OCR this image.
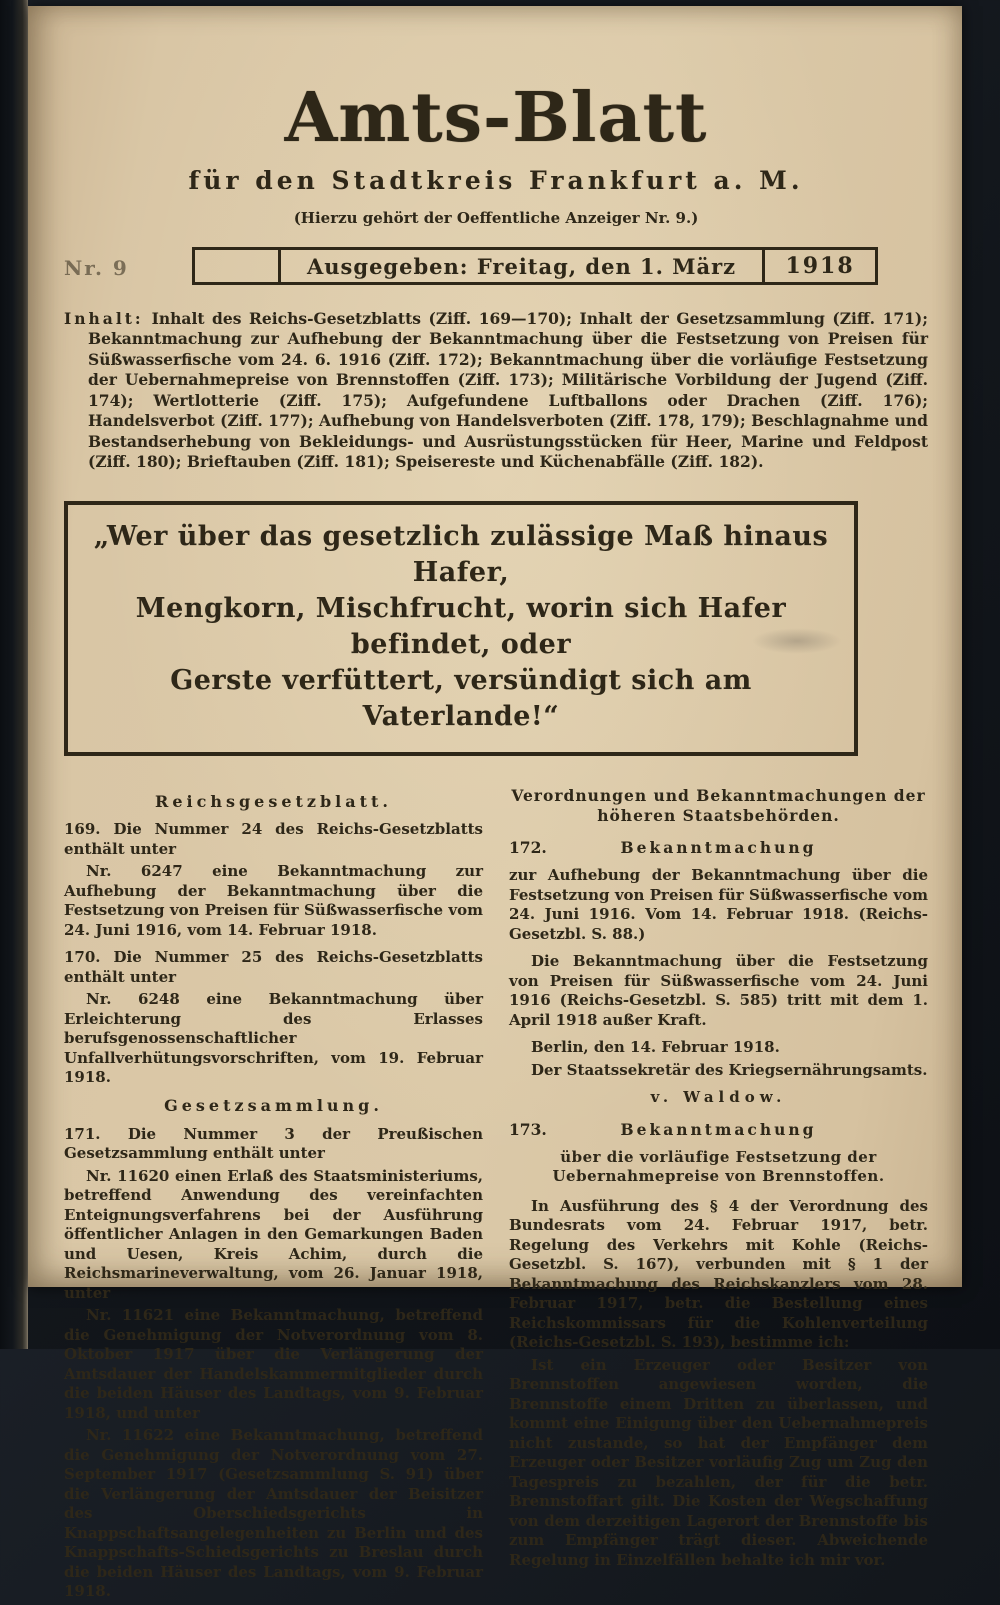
Amts-Blatt
für den Stadtkreis Frankfurt a. M.
(Hierzu gehört der Oeffentliche Anzeiger Nr. 9.)
Nr. 9	Ausgegeben: Freitag, den 1. März	1918

Inhalt: Inhalt des Reichs-Gesetzblatts (Ziff. 169—170); Inhalt der Gesetzsammlung (Ziff. 171); Bekanntmachung zur Aufhebung der Bekanntmachung über die Festsetzung von Preisen für Süßwasserfische vom 24. 6. 1916 (Ziff. 172); Bekanntmachung über die vorläufige Festsetzung der Uebernahmepreise von Brennstoffen (Ziff. 173); Militärische Vorbildung der Jugend (Ziff. 174); Wertlotterie (Ziff. 175); Aufgefundene Luftballons oder Drachen (Ziff. 176); Handelsverbot (Ziff. 177); Aufhebung von Handelsverboten (Ziff. 178, 179); Beschlagnahme und Bestandserhebung von Bekleidungs- und Ausrüstungsstücken für Heer, Marine und Feldpost (Ziff. 180); Brieftauben (Ziff. 181); Speisereste und Küchenabfälle (Ziff. 182).

„Wer über das gesetzlich zulässige Maß hinaus Hafer,
Mengkorn, Mischfrucht, worin sich Hafer befindet, oder
Gerste verfüttert, versündigt sich am Vaterlande!“
Reichsgesetzblatt.

169. Die Nummer 24 des Reichs-Gesetzblatts enthält unter

Nr. 6247 eine Bekanntmachung zur Aufhebung der Bekanntmachung über die Festsetzung von Preisen für Süßwasserfische vom 24. Juni 1916, vom 14. Februar 1918.

170. Die Nummer 25 des Reichs-Gesetzblatts enthält unter

Nr. 6248 eine Bekanntmachung über Erleichterung des Erlasses berufsgenossenschaftlicher Unfallverhütungsvorschriften, vom 19. Februar 1918.

Gesetzsammlung.

171. Die Nummer 3 der Preußischen Gesetzsammlung enthält unter

Nr. 11620 einen Erlaß des Staatsministeriums, betreffend Anwendung des vereinfachten Enteignungsverfahrens bei der Ausführung öffentlicher Anlagen in den Gemarkungen Baden und Uesen, Kreis Achim, durch die Reichsmarineverwaltung, vom 26. Januar 1918, unter

Nr. 11621 eine Bekanntmachung, betreffend die Genehmigung der Notverordnung vom 8. Oktober 1917 über die Verlängerung der Amtsdauer der Handelskammermitglieder durch die beiden Häuser des Landtags, vom 9. Februar 1918, und unter

Nr. 11622 eine Bekanntmachung, betreffend die Genehmigung der Notverordnung vom 27. September 1917 (Gesetzsammlung S. 91) über die Verlängerung der Amtsdauer der Beisitzer des Oberschiedsgerichts in Knappschaftsangelegenheiten zu Berlin und des Knappschafts-Schiedsgerichts zu Breslau durch die beiden Häuser des Landtags, vom 9. Februar 1918.

Verordnungen und Bekanntmachungen der höheren Staatsbehörden.
172.	Bekanntmachung

zur Aufhebung der Bekanntmachung über die Festsetzung von Preisen für Süßwasserfische vom 24. Juni 1916. Vom 14. Februar 1918. (Reichs-Gesetzbl. S. 88.)

Die Bekanntmachung über die Festsetzung von Preisen für Süßwasserfische vom 24. Juni 1916 (Reichs-Gesetzbl. S. 585) tritt mit dem 1. April 1918 außer Kraft.

Berlin, den 14. Februar 1918.

Der Staatssekretär des Kriegsernährungsamts.

v. Waldow.

173.	Bekanntmachung

über die vorläufige Festsetzung der Uebernahmepreise von Brennstoffen.

In Ausführung des § 4 der Verordnung des Bundesrats vom 24. Februar 1917, betr. Regelung des Verkehrs mit Kohle (Reichs-Gesetzbl. S. 167), verbunden mit § 1 der Bekanntmachung des Reichskanzlers vom 28. Februar 1917, betr. die Bestellung eines Reichskommissars für die Kohlenverteilung (Reichs-Gesetzbl. S. 193), bestimme ich:

Ist ein Erzeuger oder Besitzer von Brennstoffen angewiesen worden, die Brennstoffe einem Dritten zu überlassen, und kommt eine Einigung über den Uebernahmepreis nicht zustande, so hat der Empfänger dem Erzeuger oder Besitzer vorläufig Zug um Zug den Tagespreis zu bezahlen, der für die betr. Brennstoffart gilt. Die Kosten der Wegschaffung von dem derzeitigen Lagerort der Brennstoffe bis zum Empfänger trägt dieser. Abweichende Regelung in Einzelfällen behalte ich mir vor.
